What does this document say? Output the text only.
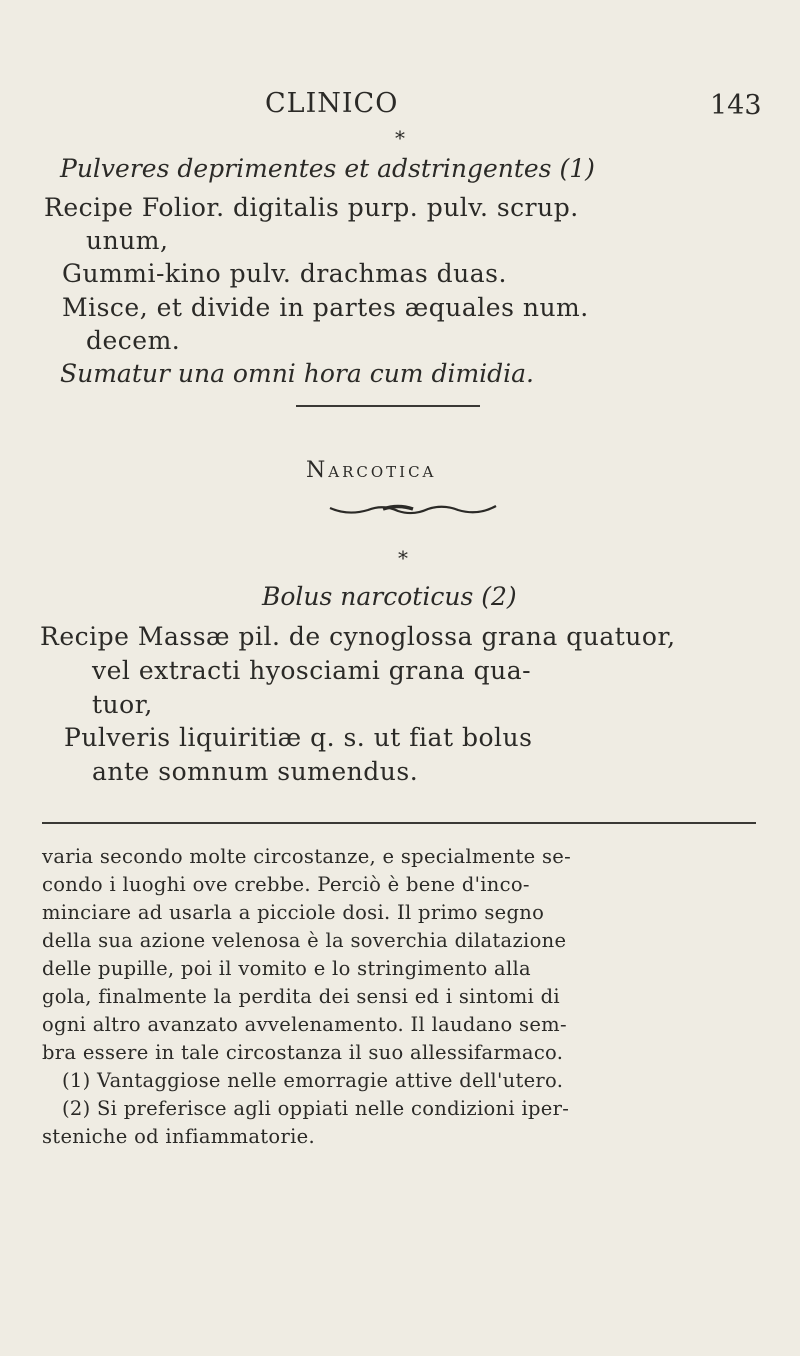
CLINICO	143
*
Pulveres deprimentes et adstringentes (1)
Recipe Folior. digitalis purp. pulv. scrup.
unum,
Gummi-kino pulv. drachmas duas.
Misce, et divide in partes æquales num.
decem.
Sumatur una omni hora cum dimidia.
Narcotica
*
Bolus narcoticus (2)
Recipe Massæ pil. de cynoglossa grana quatuor,
vel extracti hyosciami grana qua-
tuor,
Pulveris liquiritiæ q. s. ut fiat bolus
ante somnum sumendus.
varia secondo molte circostanze, e specialmente se-
condo i luoghi ove crebbe. Perciò è bene d'inco-
minciare ad usarla a picciole dosi. Il primo segno
della sua azione velenosa è la soverchia dilatazione
delle pupille, poi il vomito e lo stringimento alla
gola, finalmente la perdita dei sensi ed i sintomi di
ogni altro avanzato avvelenamento. Il laudano sem-
bra essere in tale circostanza il suo allessifarmaco.
(1) Vantaggiose nelle emorragie attive dell'utero.
(2) Si preferisce agli oppiati nelle condizioni iper-
steniche od infiammatorie.
